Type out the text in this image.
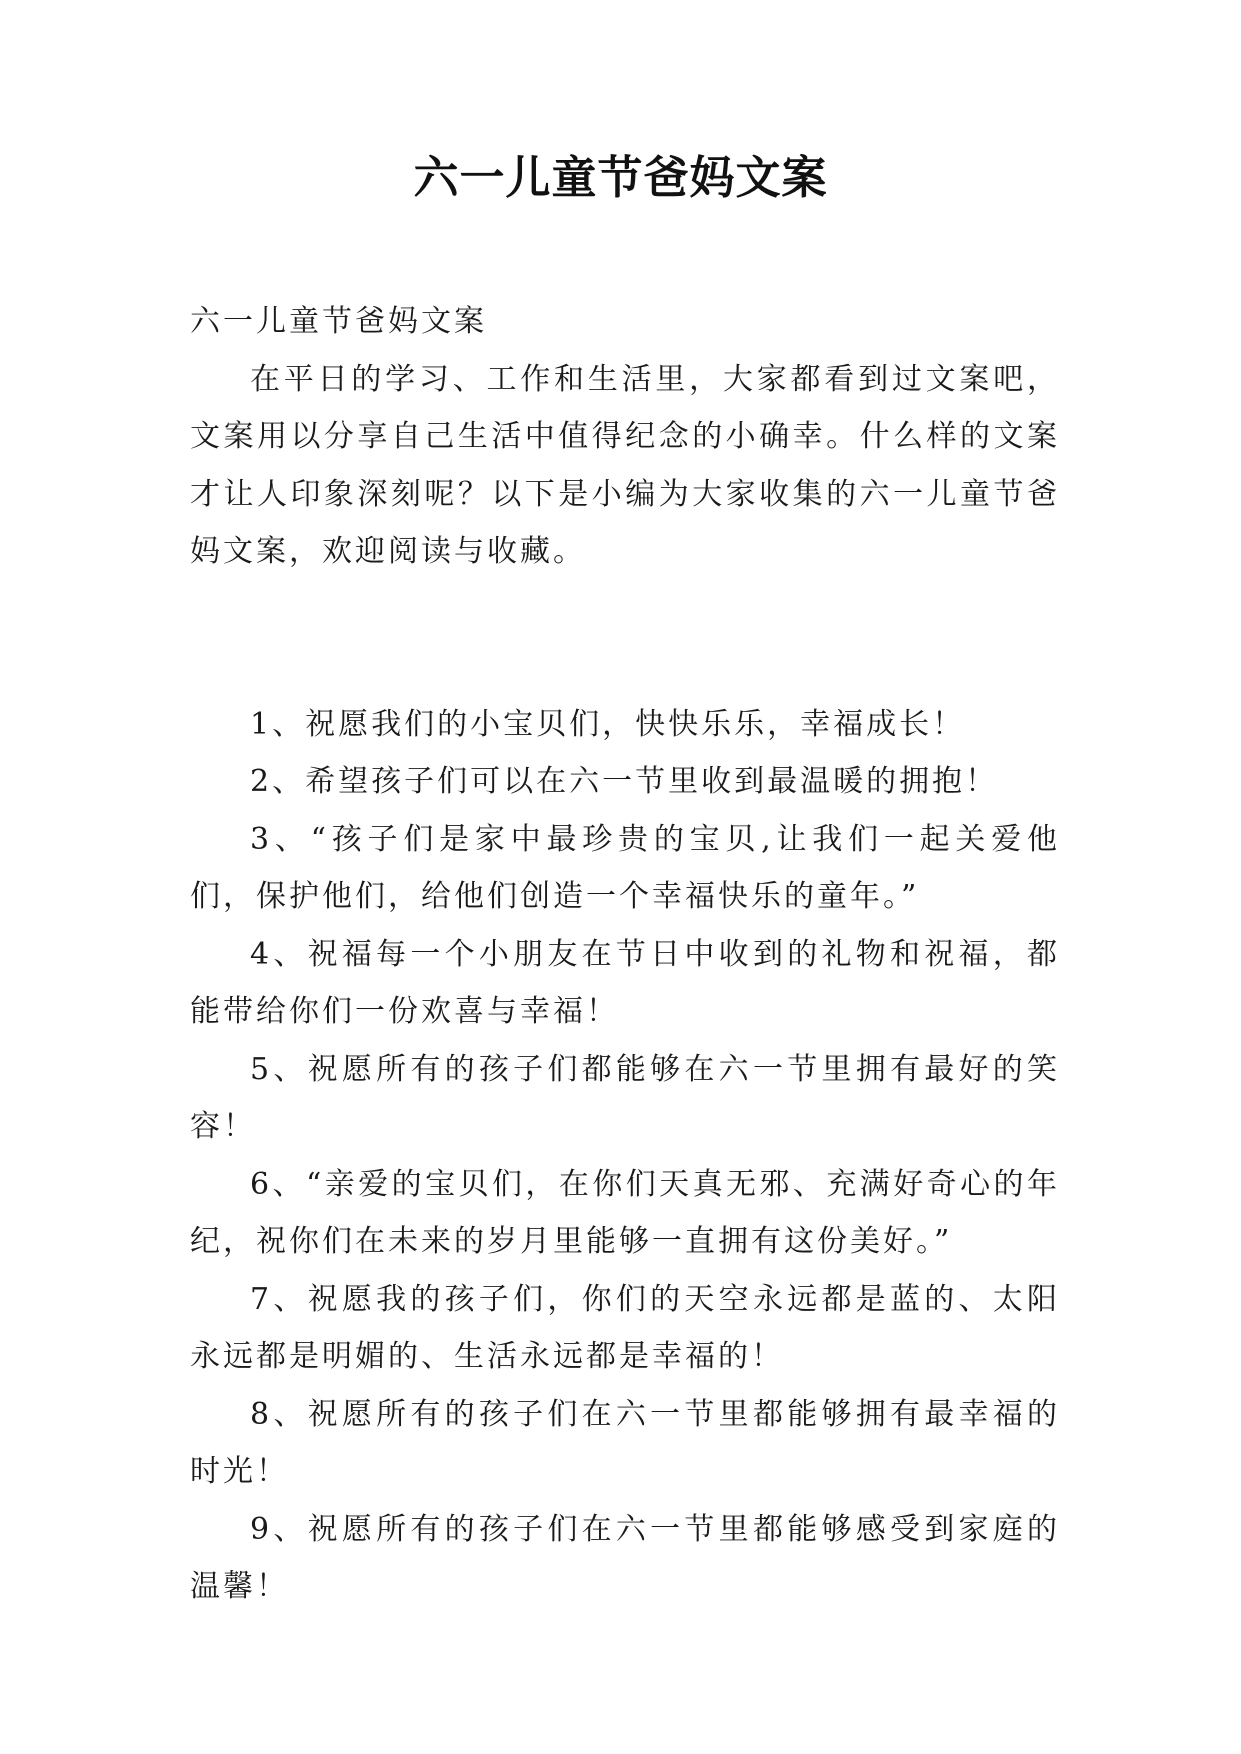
六一儿童节爸妈文案

六一儿童节爸妈文案

在平日的学习、工作和生活里，大家都看到过文案吧，文案用以分享自己生活中值得纪念的小确幸。什么样的文案才让人印象深刻呢？以下是小编为大家收集的六一儿童节爸妈文案，欢迎阅读与收藏。

1、祝愿我们的小宝贝们，快快乐乐，幸福成长！

2、希望孩子们可以在六一节里收到最温暖的拥抱！

3、“孩子们是家中最珍贵的宝贝,让我们一起关爱他们，保护他们，给他们创造一个幸福快乐的童年。”

4、祝福每一个小朋友在节日中收到的礼物和祝福，都能带给你们一份欢喜与幸福！

5、祝愿所有的孩子们都能够在六一节里拥有最好的笑容！

6、“亲爱的宝贝们，在你们天真无邪、充满好奇心的年纪，祝你们在未来的岁月里能够一直拥有这份美好。”

7、祝愿我的孩子们，你们的天空永远都是蓝的、太阳永远都是明媚的、生活永远都是幸福的！

8、祝愿所有的孩子们在六一节里都能够拥有最幸福的时光！

9、祝愿所有的孩子们在六一节里都能够感受到家庭的温馨！
